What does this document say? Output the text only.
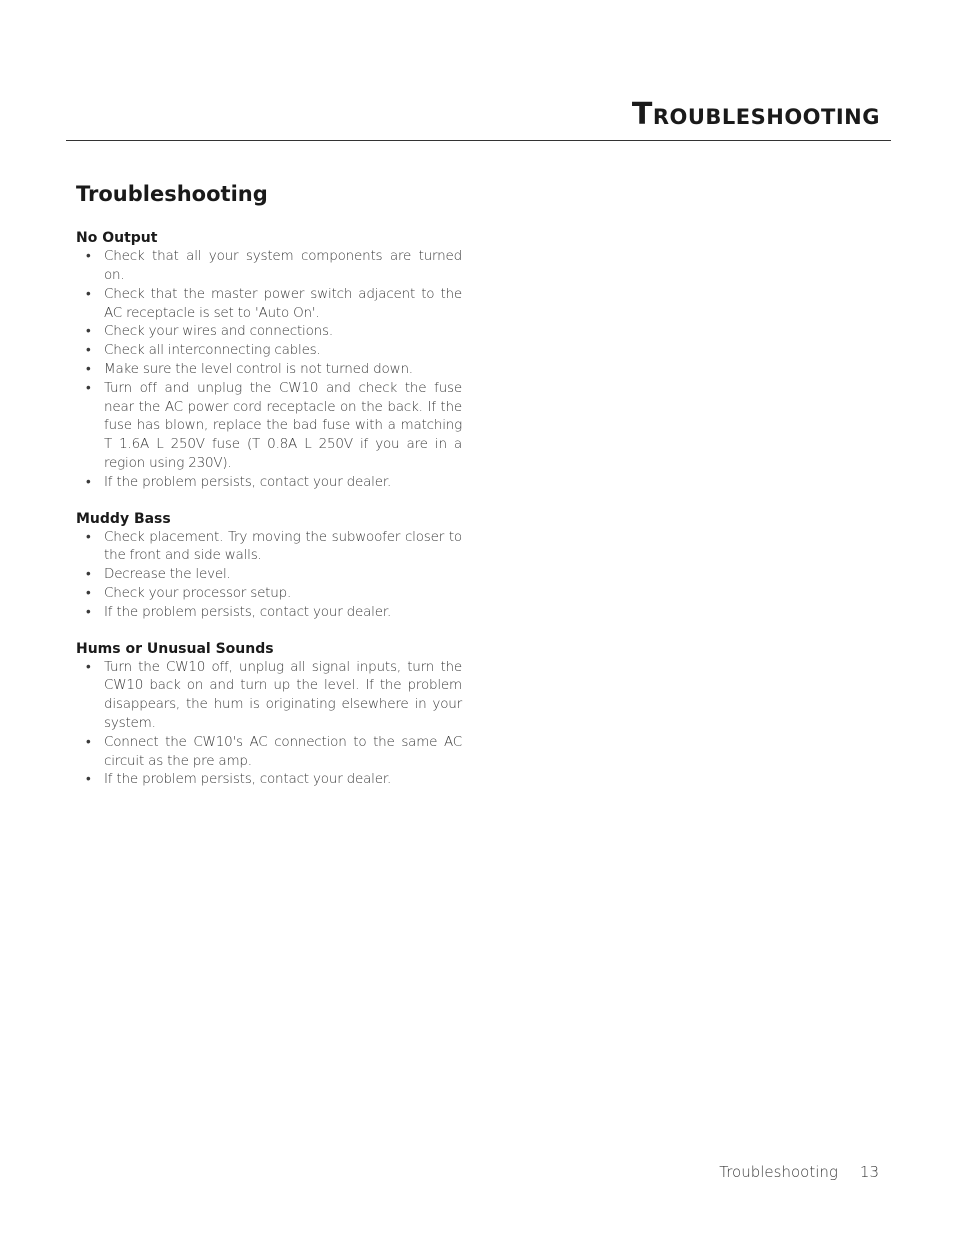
Troubleshooting
Troubleshooting
No Output
• Check that all your system components are turned on.
• Check that the master power switch adjacent to the AC receptacle is set to 'Auto On'.
• Check your wires and connections.
• Check all interconnecting cables.
• Make sure the level control is not turned down.
• Turn off and unplug the CW10 and check the fuse near the AC power cord receptacle on the back. If the fuse has blown, replace the bad fuse with a matching T 1.6A L 250V fuse (T 0.8A L 250V if you are in a region using 230V).
• If the problem persists, contact your dealer.
Muddy Bass
• Check placement. Try moving the subwoofer closer to the front and side walls.
• Decrease the level.
• Check your processor setup.
• If the problem persists, contact your dealer.
Hums or Unusual Sounds
• Turn the CW10 off, unplug all signal inputs, turn the CW10 back on and turn up the level. If the problem disappears, the hum is originating elsewhere in your system.
• Connect the CW10's AC connection to the same AC circuit as the pre amp.
• If the problem persists, contact your dealer.
Troubleshooting 13
